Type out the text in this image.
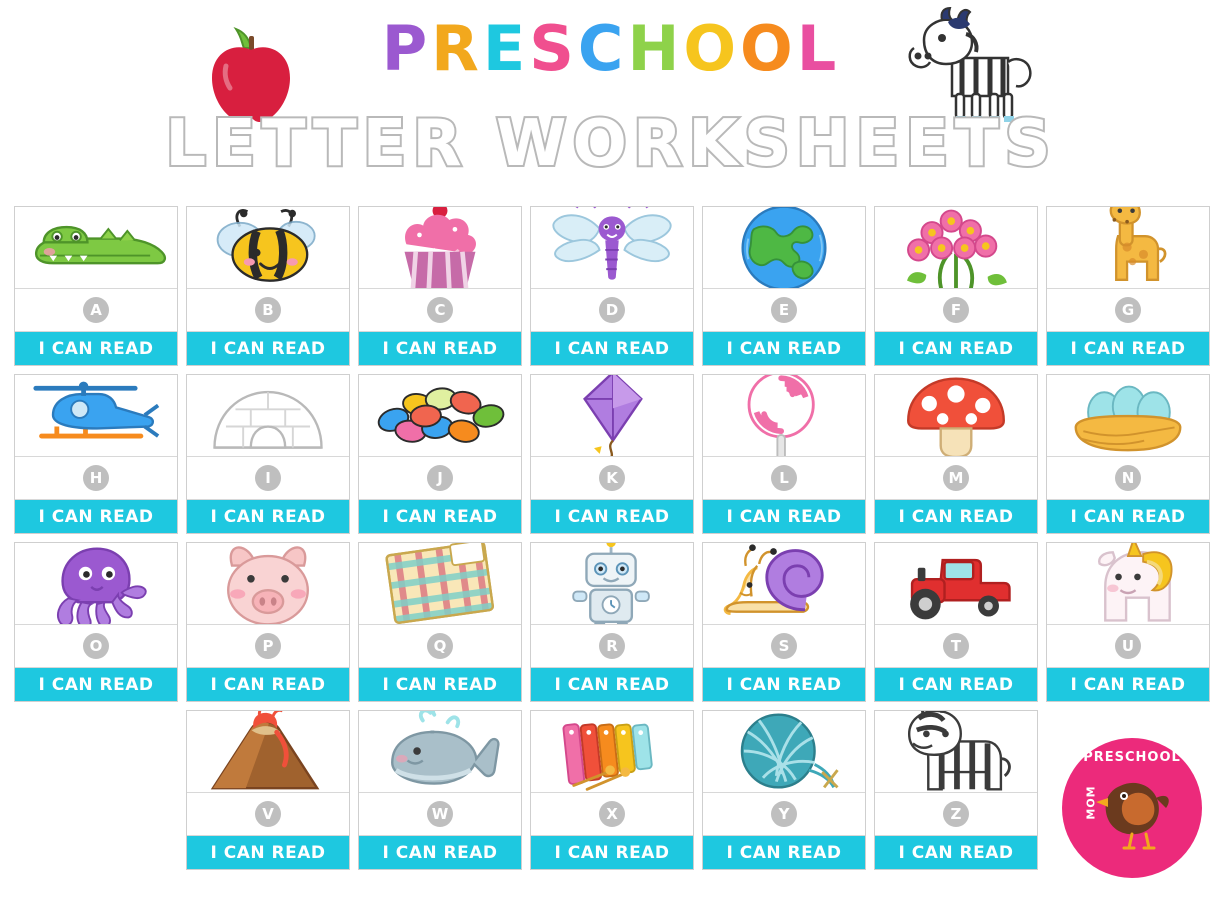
PRESCHOOL
LETTER WORKSHEETS
A
I CAN READ
B
I CAN READ
C
I CAN READ
D
I CAN READ
E
I CAN READ
F
I CAN READ
G
I CAN READ
H
I CAN READ
I
I CAN READ
J
I CAN READ
K
I CAN READ
L
I CAN READ
M
I CAN READ
N
I CAN READ
O
I CAN READ
P
I CAN READ
Q
I CAN READ
R
I CAN READ
S
I CAN READ
T
I CAN READ
U
I CAN READ
V
I CAN READ
W
I CAN READ
X
I CAN READ
Y
I CAN READ
Z
I CAN READ
PRESCHOOL
MOM
